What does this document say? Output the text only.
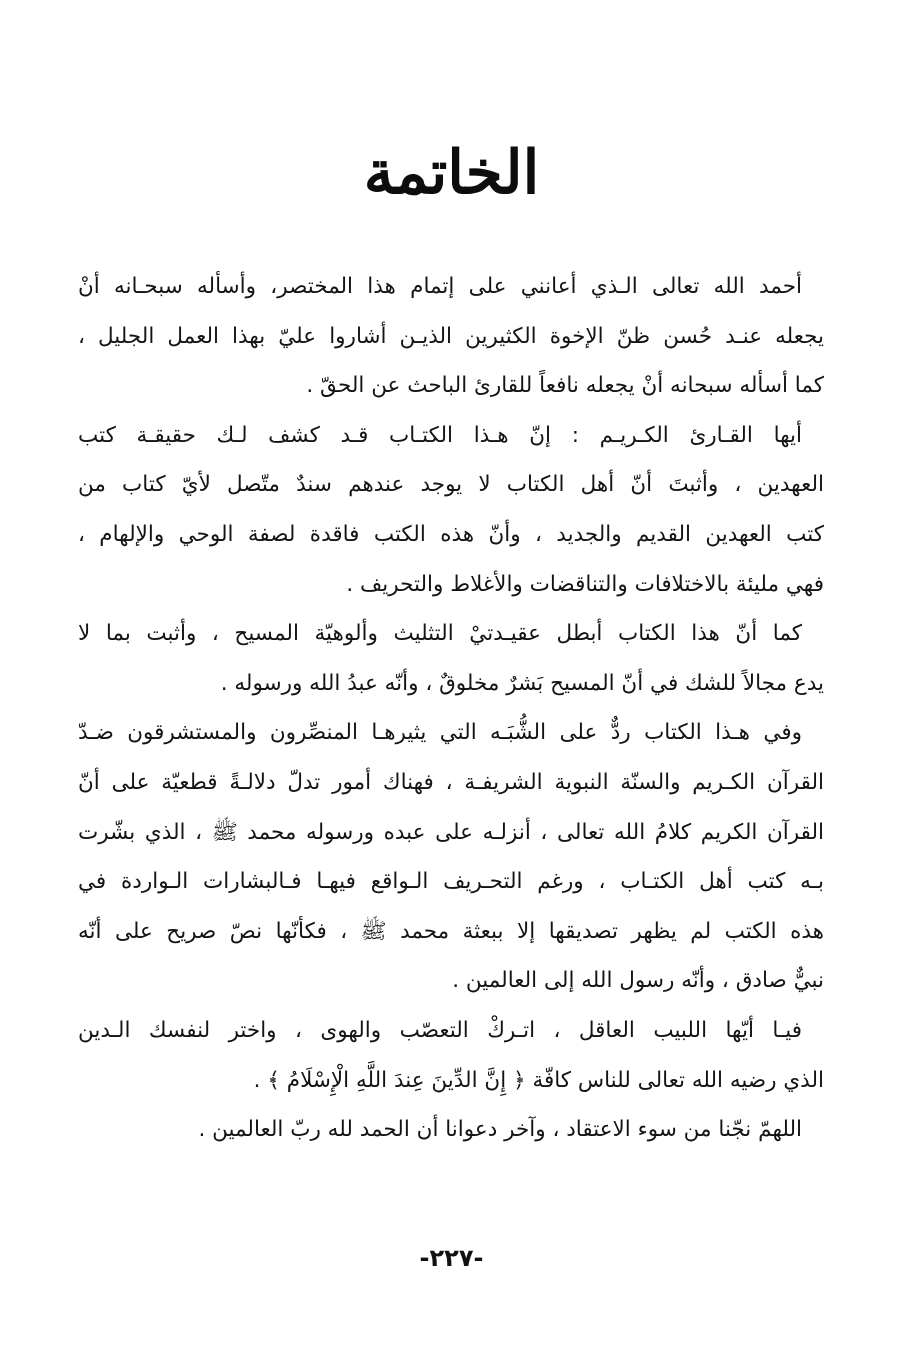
الخاتمة
أحمد الله تعالى الـذي أعانني على إتمام هذا المختصر، وأسأله سبحـانه أنْ
يجعله عنـد حُسن ظنّ الإخوة الكثيرين الذيـن أشاروا عليّ بهذا العمل الجليل ،
كما أسأله سبحانه أنْ يجعله نافعاً للقارئ الباحث عن الحقّ .
أيها القـارئ الكـريـم : إنّ هـذا الكتـاب قـد كشف لـك حقيقـة كتب
العهدين ، وأثبتَ أنّ أهل الكتاب لا يوجد عندهم سندٌ متّصل لأيّ كتاب من
كتب العهدين القديم والجديد ، وأنّ هذه الكتب فاقدة لصفة الوحي والإلهام ،
فهي مليئة بالاختلافات والتناقضات والأغلاط والتحريف .
كما أنّ هذا الكتاب أبطل عقيـدتيْ التثليث وألوهيّة المسيح ، وأثبت بما لا
يدع مجالاً للشك في أنّ المسيح بَشرٌ مخلوقٌ ، وأنّه عبدُ الله ورسوله .
وفي هـذا الكتاب ردٌّ على الشُّبَـه التي يثيرهـا المنصِّرون والمستشرقون ضـدّ
القرآن الكـريم والسنّة النبوية الشريفـة ، فهناك أمور تدلّ دلالـةً قطعيّة على أنّ
القرآن الكريم كلامُ الله تعالى ، أنزلـه على عبده ورسوله محمد ﷺ ، الذي بشّرت
بـه كتب أهل الكتـاب ، ورغم التحـريف الـواقع فيهـا فـالبشارات الـواردة في
هذه الكتب لم يظهر تصديقها إلا ببعثة محمد ﷺ ، فكأنّها نصّ صريح على أنّه
نبيٌّ صادق ، وأنّه رسول الله إلى العالمين .
فيـا أيّها اللبيب العاقل ، اتـركْ التعصّب والهوى ، واختر لنفسك الـدين
الذي رضيه الله تعالى للناس كافّة ﴿ إِنَّ الدِّينَ عِندَ اللَّهِ الْإِسْلَامُ ﴾ .
اللهمّ نجّنا من سوء الاعتقاد ، وآخر دعوانا أن الحمد لله ربّ العالمين .
-٢٢٧-
